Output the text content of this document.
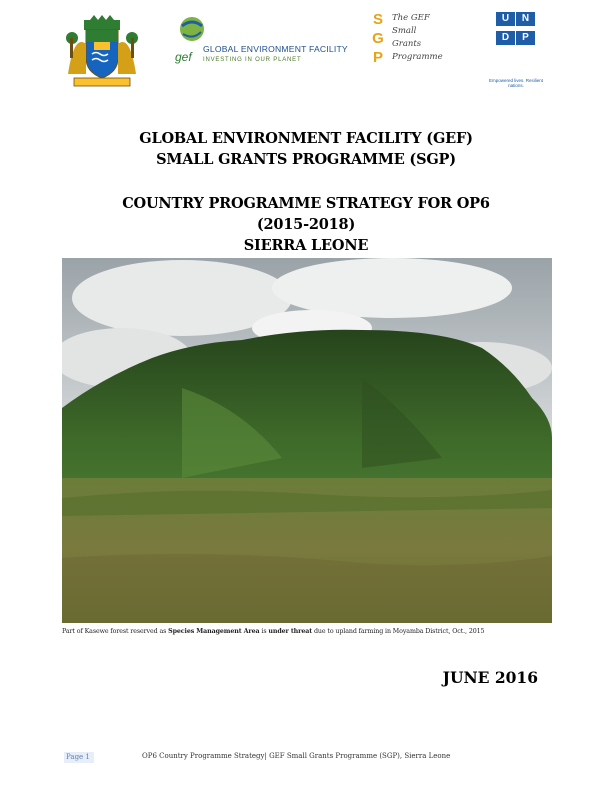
gef
GLOBAL ENVIRONMENT FACILITY
INVESTING IN OUR PLANET
S
G
P
The GEF
Small Grants
Programme
U N D P
Empowered lives. Resilient nations.
GLOBAL ENVIRONMENT FACILITY (GEF)
SMALL GRANTS PROGRAMME (SGP)
COUNTRY PROGRAMME STRATEGY FOR OP6
(2015-2018)
SIERRA LEONE
Part of Kasewe forest reserved as Species Management Area is under threat due to upland farming in Moyamba District, Oct., 2015
JUNE 2016
Page 1	OP6 Country Programme Strategy| GEF Small Grants Programme (SGP), Sierra Leone
